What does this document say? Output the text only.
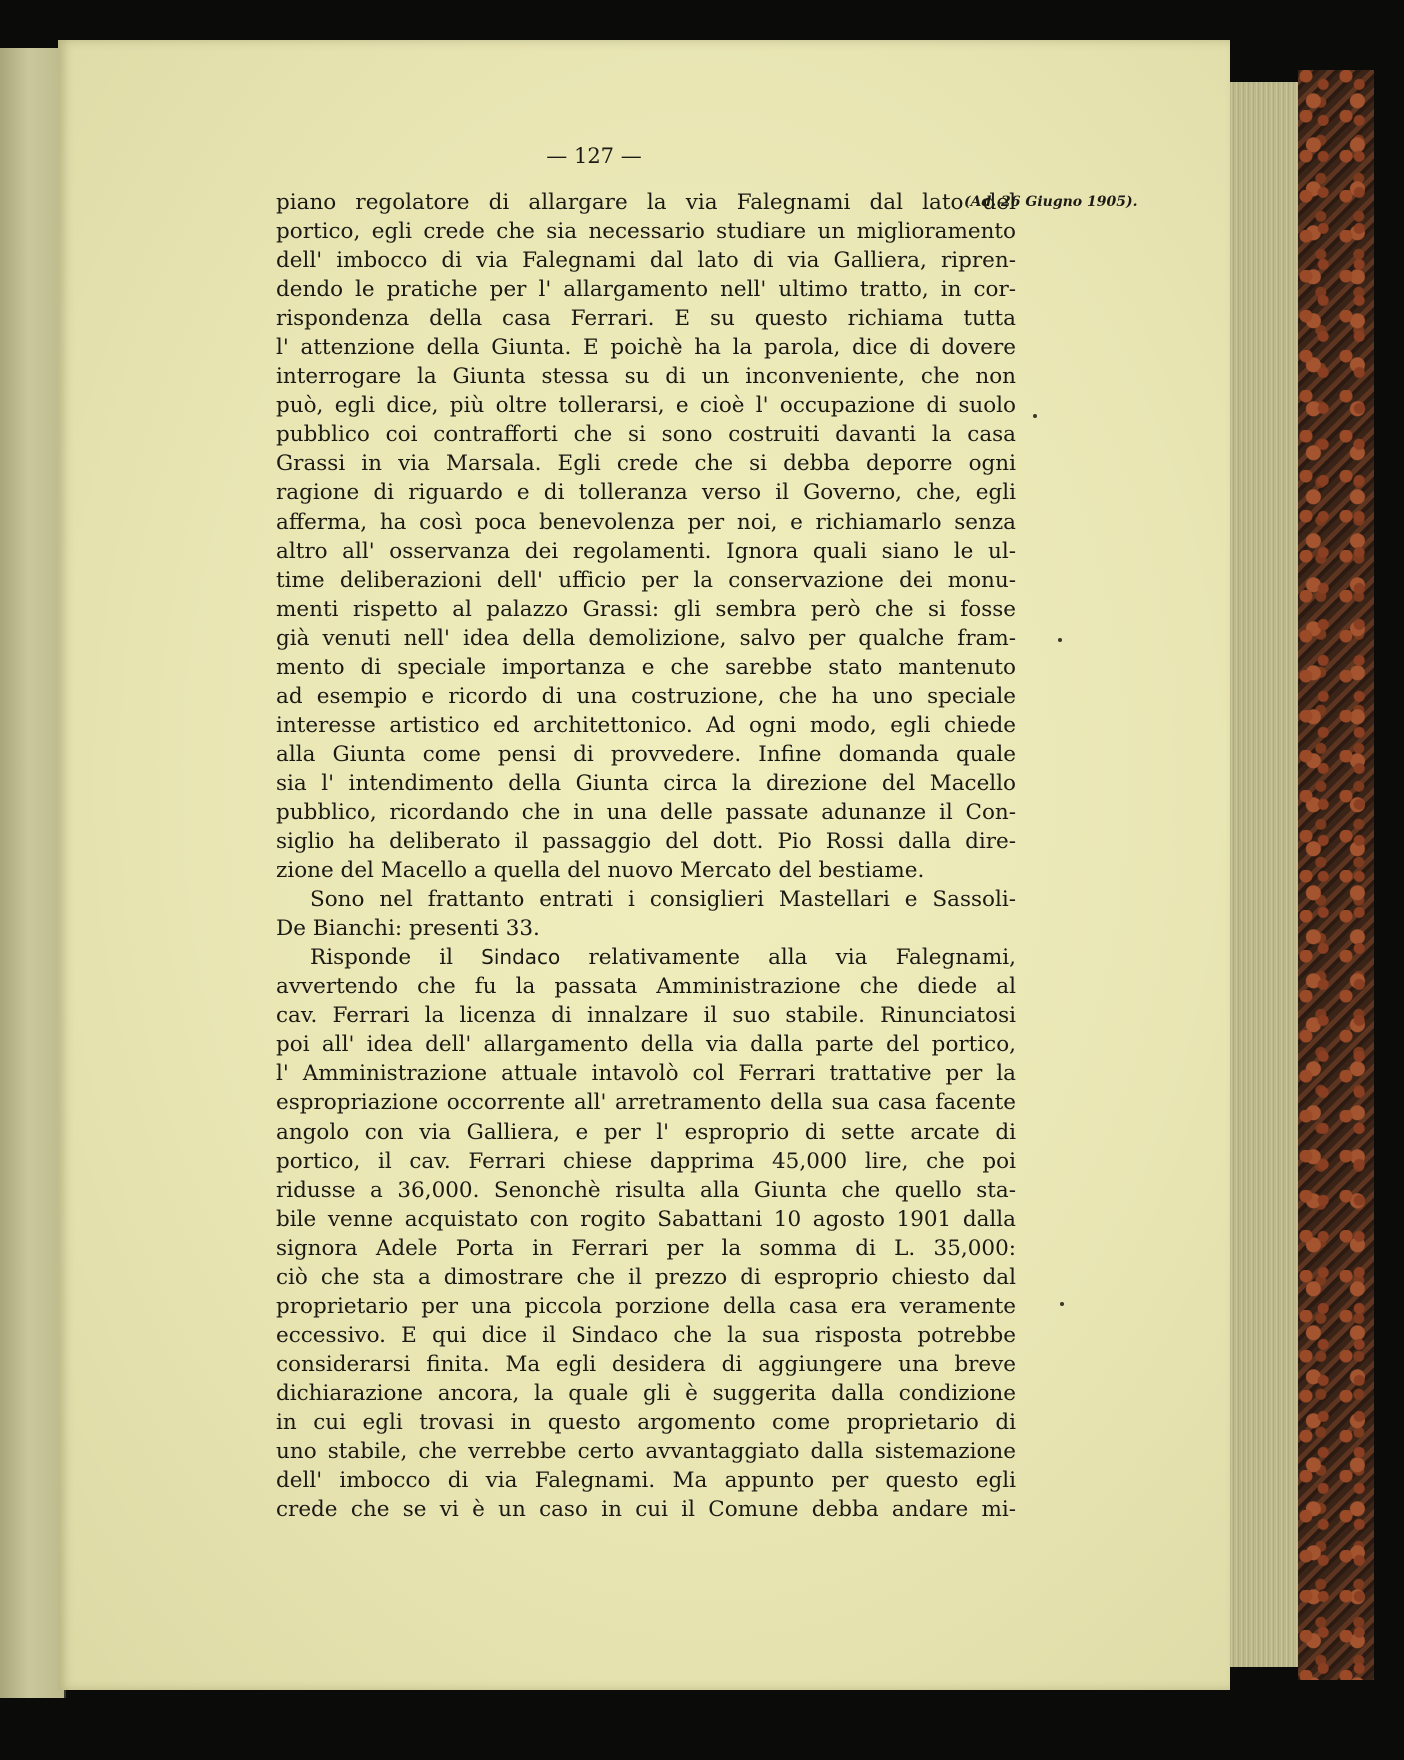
— 127 —
(Ad. 26 Giugno 1905).
piano regolatore di allargare la via Falegnami dal lato del
portico, egli crede che sia necessario studiare un miglioramento
dell' imbocco di via Falegnami dal lato di via Galliera, ripren-
dendo le pratiche per l' allargamento nell' ultimo tratto, in cor-
rispondenza della casa Ferrari. E su questo richiama tutta
l' attenzione della Giunta. E poichè ha la parola, dice di dovere
interrogare la Giunta stessa su di un inconveniente, che non
può, egli dice, più oltre tollerarsi, e cioè l' occupazione di suolo
pubblico coi contrafforti che si sono costruiti davanti la casa
Grassi in via Marsala. Egli crede che si debba deporre ogni
ragione di riguardo e di tolleranza verso il Governo, che, egli
afferma, ha così poca benevolenza per noi, e richiamarlo senza
altro all' osservanza dei regolamenti. Ignora quali siano le ul-
time deliberazioni dell' ufficio per la conservazione dei monu-
menti rispetto al palazzo Grassi: gli sembra però che si fosse
già venuti nell' idea della demolizione, salvo per qualche fram-
mento di speciale importanza e che sarebbe stato mantenuto
ad esempio e ricordo di una costruzione, che ha uno speciale
interesse artistico ed architettonico. Ad ogni modo, egli chiede
alla Giunta come pensi di provvedere. Infine domanda quale
sia l' intendimento della Giunta circa la direzione del Macello
pubblico, ricordando che in una delle passate adunanze il Con-
siglio ha deliberato il passaggio del dott. Pio Rossi dalla dire-
zione del Macello a quella del nuovo Mercato del bestiame.
Sono nel frattanto entrati i consiglieri Mastellari e Sassoli-
De Bianchi: presenti 33.
Risponde il Sindaco relativamente alla via Falegnami,
avvertendo che fu la passata Amministrazione che diede al
cav. Ferrari la licenza di innalzare il suo stabile. Rinunciatosi
poi all' idea dell' allargamento della via dalla parte del portico,
l' Amministrazione attuale intavolò col Ferrari trattative per la
espropriazione occorrente all' arretramento della sua casa facente
angolo con via Galliera, e per l' esproprio di sette arcate di
portico, il cav. Ferrari chiese dapprima 45,000 lire, che poi
ridusse a 36,000. Senonchè risulta alla Giunta che quello sta-
bile venne acquistato con rogito Sabattani 10 agosto 1901 dalla
signora Adele Porta in Ferrari per la somma di L. 35,000:
ciò che sta a dimostrare che il prezzo di esproprio chiesto dal
proprietario per una piccola porzione della casa era veramente
eccessivo. E qui dice il Sindaco che la sua risposta potrebbe
considerarsi finita. Ma egli desidera di aggiungere una breve
dichiarazione ancora, la quale gli è suggerita dalla condizione
in cui egli trovasi in questo argomento come proprietario di
uno stabile, che verrebbe certo avvantaggiato dalla sistemazione
dell' imbocco di via Falegnami. Ma appunto per questo egli
crede che se vi è un caso in cui il Comune debba andare mi-
